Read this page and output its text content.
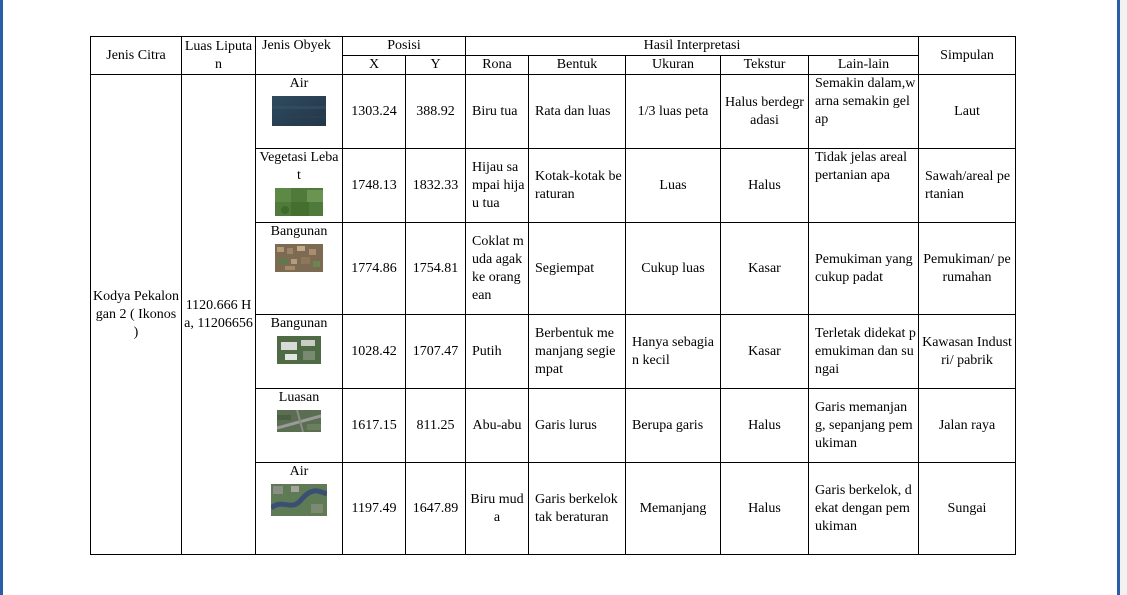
Jenis Citra	Luas Liputan	Jenis Obyek	Posisi		Hasil Interpretasi					Simpulan
			X	Y	Rona	Bentuk	Ukuran	Tekstur	Lain-lain	
Kodya Pekalongan 2 ( Ikonos )	1120.666 Ha, 11206656	Air	1303.24	388.92	Biru tua	Rata dan luas	1/3 luas peta	Halus berdegradasi	Semakin dalam,warna semakin gelap	Laut

		Vegetasi Lebat	1748.13	1832.33	Hijau sampai hijau tua	Kotak-kotak beraturan	Luas	Halus	Tidak jelas areal pertanian apa	Sawah/areal pertanian

		Bangunan	1774.86	1754.81	Coklat muda agak ke orangean	Segiempat	Cukup luas	Kasar	Pemukiman yang cukup padat	Pemukiman/ perumahan

		Bangunan	1028.42	1707.47	Putih	Berbentuk memanjang segiempat	Hanya sebagian kecil	Kasar	Terletak didekat pemukiman dan sungai	Kawasan Industri/ pabrik

		Luasan	1617.15	811.25	Abu-abu	Garis lurus	Berupa garis	Halus	Garis memanjang, sepanjang pemukiman	Jalan raya

		Air	1197.49	1647.89	Biru muda	Garis berkelok tak beraturan	Memanjang	Halus	Garis berkelok, dekat dengan pemukiman	Sungai
